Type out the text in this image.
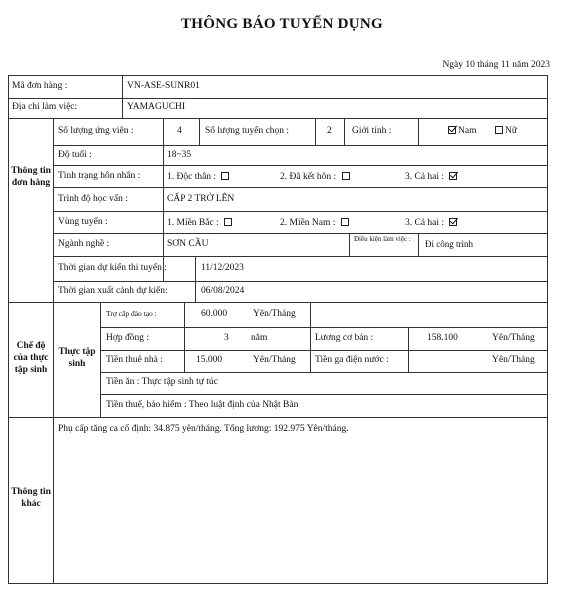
THÔNG BÁO TUYỂN DỤNG
Ngày 10 tháng 11 năm 2023
Mã đơn hàng :	VN-ASE-SUNR01
Địa chỉ làm việc:	YAMAGUCHI
Thông tin đơn hàng
Số lượng ứng viên :	4 Số lượng tuyển chọn :	2 Giới tính :	Nam	Nữ
Độ tuổi :	18~35
Tình trạng hôn nhân :	1. Độc thân :	2. Đã kết hôn :	3. Cả hai :
Trình độ học vấn :	CẤP 2 TRỞ LÊN
Vùng tuyển :	1. Miền Bắc :	2. Miền Nam :	3. Cả hai :
Ngành nghề :	SƠN CẦU	Điều kiện làm việc :	Đi công trình
Thời gian dự kiến thi tuyển :	11/12/2023
Thời gian xuất cảnh dự kiến:	06/08/2024
Chế độ của thực tập sinh
Thực tập sinh
Trợ cấp đào tạo :	60.000	Yên/Tháng
Hợp đồng :	3 năm	Lương cơ bản :	158.100	Yên/Tháng
Tiền thuê nhà :	15.000	Yên/Tháng Tiền ga điện nước :	Yên/Tháng
Tiền ăn : Thực tập sinh tự túc
Tiền thuế, bảo hiểm : Theo luật định của Nhật Bản
Thông tin khác
Phụ cấp tăng ca cố định: 34.875 yên/tháng. Tổng lương: 192.975 Yên/tháng.
